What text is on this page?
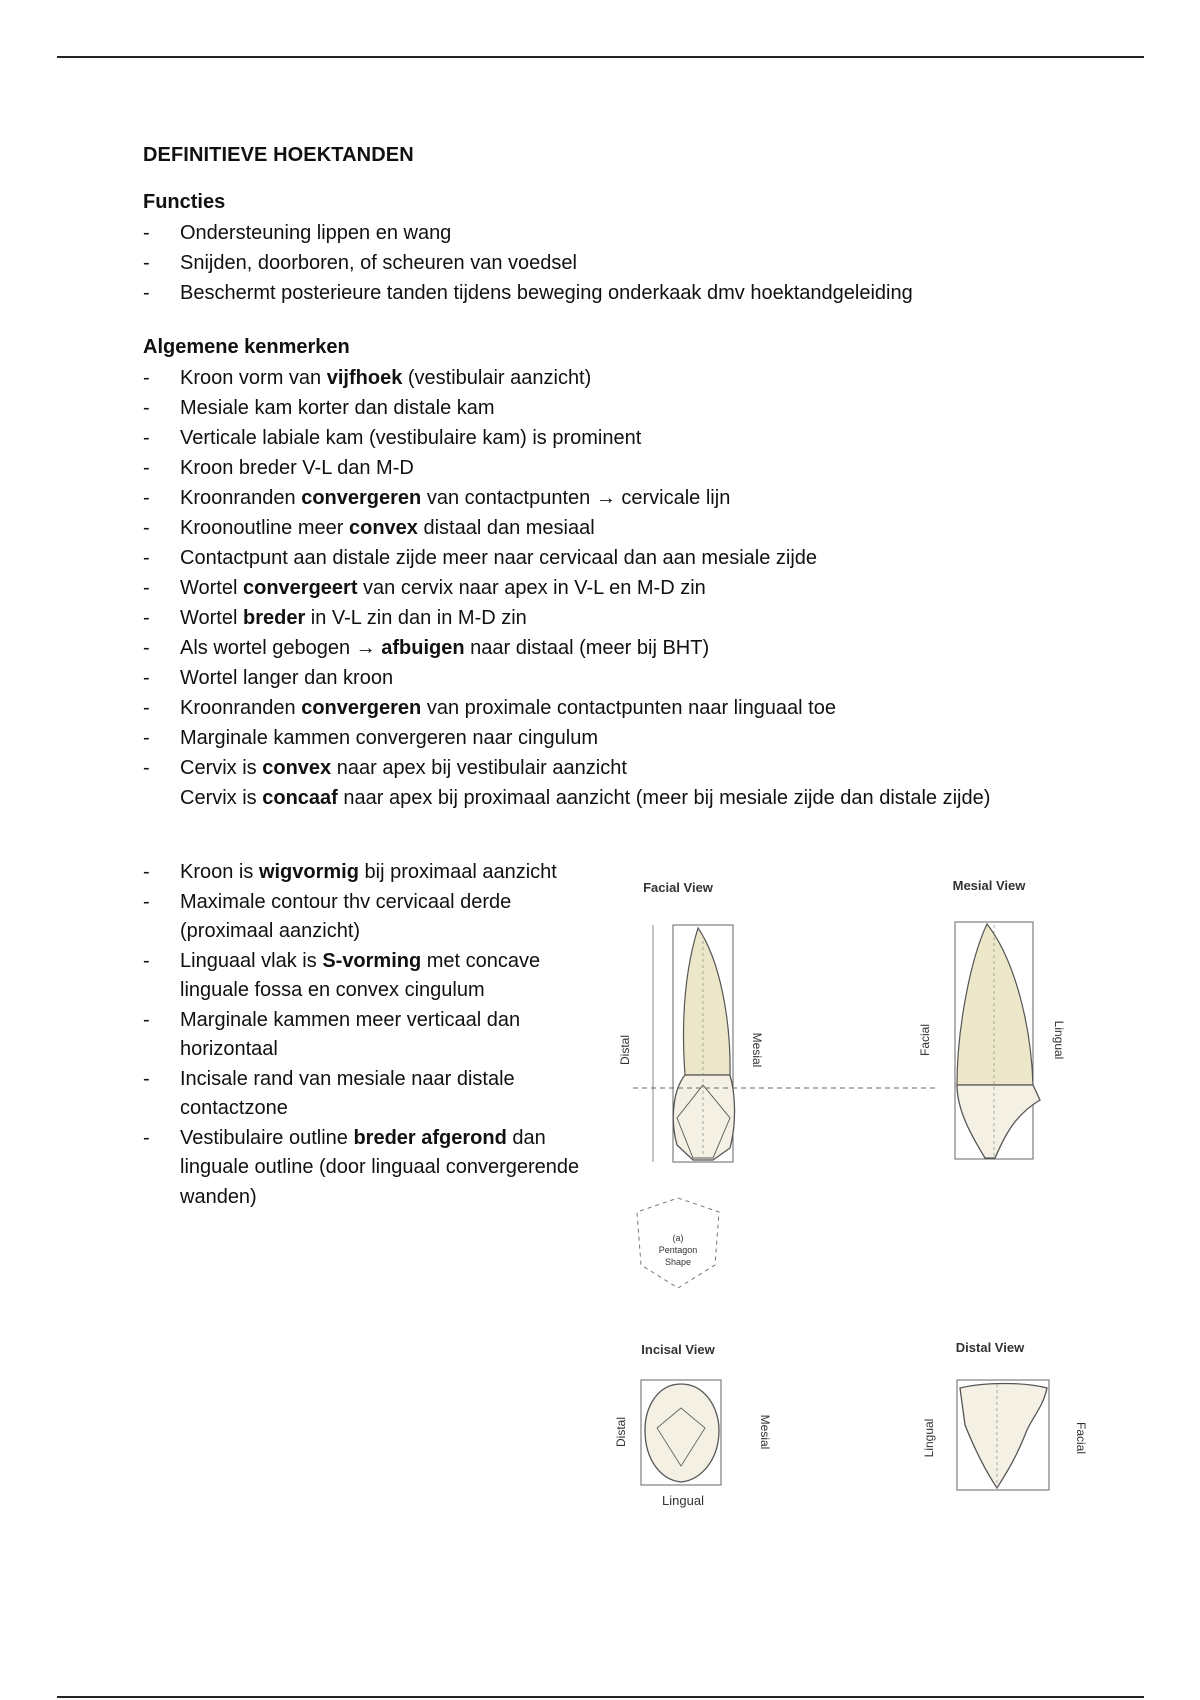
DEFINITIEVE HOEKTANDEN
Functies
- Ondersteuning lippen en wang
- Snijden, doorboren, of scheuren van voedsel
- Beschermt posterieure tanden tijdens beweging onderkaak dmv hoektandgeleiding
Algemene kenmerken
- Kroon vorm van vijfhoek (vestibulair aanzicht)
- Mesiale kam korter dan distale kam
- Verticale labiale kam (vestibulaire kam) is prominent
- Kroon breder V-L dan M-D
- Kroonranden convergeren van contactpunten → cervicale lijn
- Kroonoutline meer convex distaal dan mesiaal
- Contactpunt aan distale zijde meer naar cervicaal dan aan mesiale zijde
- Wortel convergeert van cervix naar apex in V-L en M-D zin
- Wortel breder in V-L zin dan in M-D zin
- Als wortel gebogen → afbuigen naar distaal (meer bij BHT)
- Wortel langer dan kroon
- Kroonranden convergeren van proximale contactpunten naar linguaal toe
- Marginale kammen convergeren naar cingulum
- Cervix is convex naar apex bij vestibulair aanzicht
Cervix is concaaf naar apex bij proximaal aanzicht (meer bij mesiale zijde dan distale zijde)
- Kroon is wigvormig bij proximaal aanzicht
- Maximale contour thv cervicaal derde (proximaal aanzicht)
- Linguaal vlak is S-vorming met concave linguale fossa en convex cingulum
- Marginale kammen meer verticaal dan horizontaal
- Incisale rand van mesiale naar distale contactzone
- Vestibulaire outline breder afgerond dan linguale outline (door linguaal convergerende wanden)
Facial View
Distal	Mesial
Mesial View
Facial	Lingual
(a)
Pentagon
Shape
Incisal View
Distal	Mesial
Lingual
Distal View
Lingual	Facial
